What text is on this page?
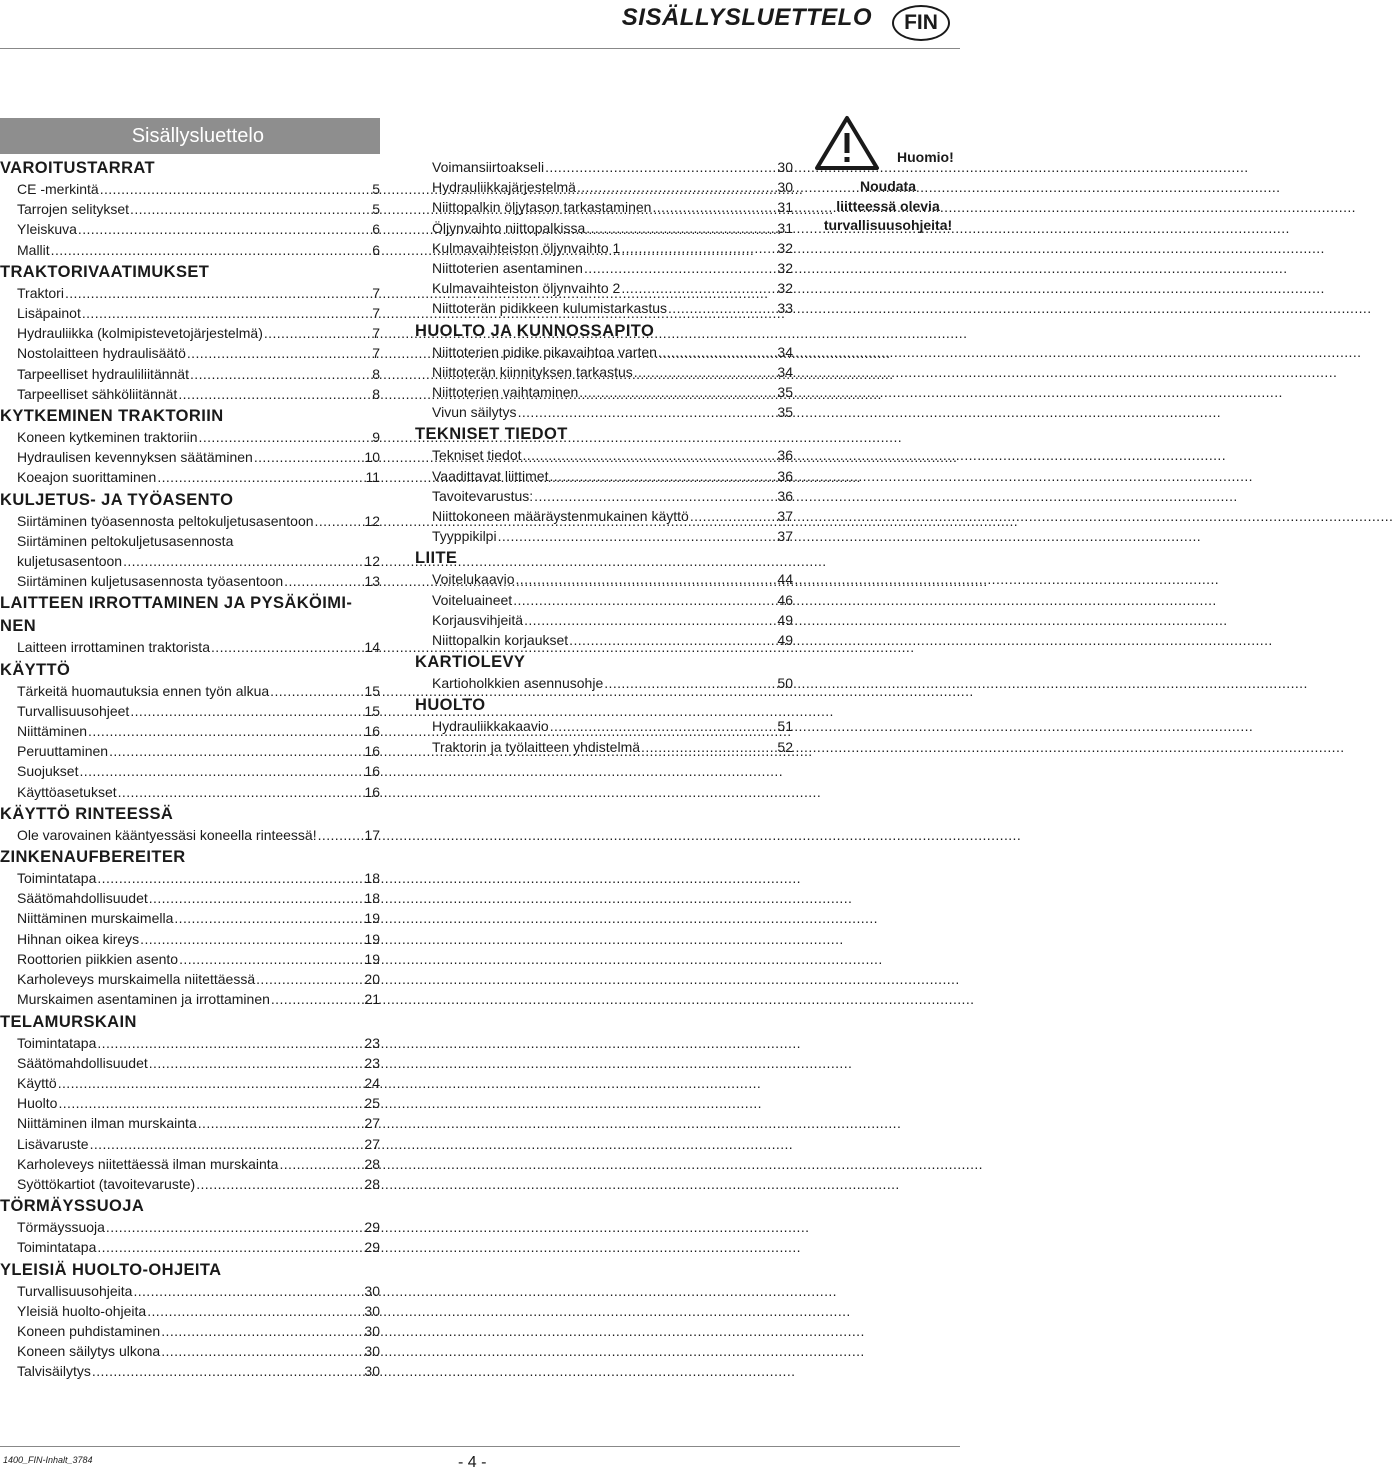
SISÄLLYSLUETTELO	FIN
Sisällysluettelo
VAROITUSTARRAT
CE -merkintä .....	5
Tarrojen selitykset .....	5
Yleiskuva .....	6
Mallit .....	6
TRAKTORIVAATIMUKSET
Traktori .....	7
Lisäpainot .....	7
Hydrauliikka (kolmipistevetojärjestelmä) .....	7
Nostolaitteen hydraulisäätö .....	7
Tarpeelliset hydrauliliitännät .....	8
Tarpeelliset sähköliitännät .....	8
KYTKEMINEN TRAKTORIIN
Koneen kytkeminen traktoriin .....	9
Hydraulisen kevennyksen säätäminen .....	10
Koeajon suorittaminen .....	11
KULJETUS- JA TYÖASENTO
Siirtäminen työasennosta peltokuljetusasentoon .....	12
Siirtäminen peltokuljetusasennosta
kuljetusasentoon .....	12
Siirtäminen kuljetusasennosta työasentoon .....	13
LAITTEEN IRROTTAMINEN JA PYSÄKÖIMI-
NEN
Laitteen irrottaminen traktorista .....	14
KÄYTTÖ
Tärkeitä huomautuksia ennen työn alkua .....	15
Turvallisuusohjeet .....	15
Niittäminen .....	16
Peruuttaminen .....	16
Suojukset .....	16
Käyttöasetukset .....	16
KÄYTTÖ RINTEESSÄ
Ole varovainen kääntyessäsi koneella rinteessä! .....	17
ZINKENAUFBEREITER
Toimintatapa .....	18
Säätömahdollisuudet .....	18
Niittäminen murskaimella .....	19
Hihnan oikea kireys .....	19
Roottorien piikkien asento .....	19
Karholeveys murskaimella niitettäessä .....	20
Murskaimen asentaminen ja irrottaminen .....	21
TELAMURSKAIN
Toimintatapa .....	23
Säätömahdollisuudet .....	23
Käyttö .....	24
Huolto .....	25
Niittäminen ilman murskainta .....	27
Lisävaruste .....	27
Karholeveys niitettäessä ilman murskainta .....	28
Syöttökartiot (tavoitevaruste) .....	28
TÖRMÄYSSUOJA
Törmäyssuoja .....	29
Toimintatapa .....	29
YLEISIÄ HUOLTO-OHJEITA
Turvallisuusohjeita .....	30
Yleisiä huolto-ohjeita .....	30
Koneen puhdistaminen .....	30
Koneen säilytys ulkona .....	30
Talvisäilytys .....	30
Voimansiirtoakseli .....	30
Hydrauliikkajärjestelmä .....	30
Niittopalkin öljytason tarkastaminen .....	31
Öljynvaihto niittopalkissa .....	31
Kulmavaihteiston öljynvaihto 1 .....	32
Niittoterien asentaminen .....	32
Kulmavaihteiston öljynvaihto 2 .....	32
Niittoterän pidikkeen kulumistarkastus .....	33
HUOLTO JA KUNNOSSAPITO
Niittoterien pidike pikavaihtoa varten .....	34
Niittoterän kiinnityksen tarkastus .....	34
Niittoterien vaihtaminen .....	35
Vivun säilytys .....	35
TEKNISET TIEDOT
Tekniset tiedot .....	36
Vaadittavat liittimet .....	36
Tavoitevarustus: .....	36
Niittokoneen määräystenmukainen käyttö .....	37
Tyyppikilpi .....	37
LIITE
Voitelukaavio .....	44
Voiteluaineet .....	46
Korjausvihjeitä .....	49
Niittopalkin korjaukset .....	49
KARTIOLEVY
Kartioholkkien asennusohje .....	50
HUOLTO
Hydrauliikkakaavio .....	51
Traktorin ja työlaitteen yhdistelmä .....	52
Huomio!
Noudata
liitteessä olevia
turvallisuusohjeita!
1400_FIN-Inhalt_3784	- 4 -
